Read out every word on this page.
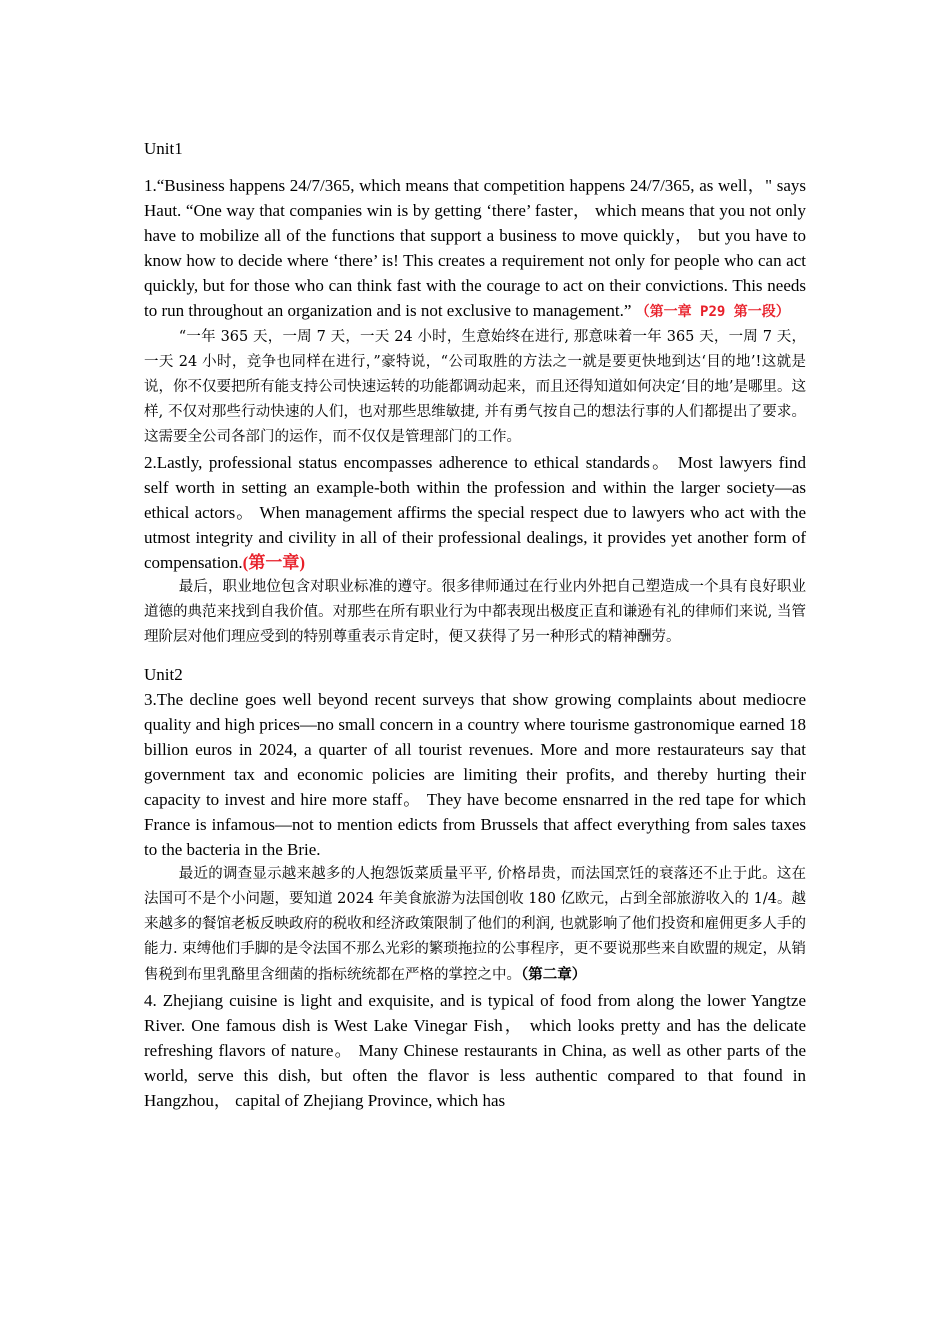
Unit1

1.“Business happens 24/7/365, which means that competition happens 24/7/365, as well，" says Haut. “One way that companies win is by getting ‘there’ faster， which means that you not only have to mobilize all of the functions that support a business to move quickly， but you have to know how to decide where ‘there’ is! This creates a requirement not only for people who can act quickly, but for those who can think fast with the courage to act on their convictions. This needs to run throughout an organization and is not exclusive to management.” （第一章 P29 第一段）

“一年 365 天，一周 7 天，一天 24 小时，生意始终在进行, 那意味着一年 365 天，一周 7 天，一天 24 小时，竞争也同样在进行，”豪特说，“公司取胜的方法之一就是要更快地到达‘目的地’!这就是说，你不仅要把所有能支持公司快速运转的功能都调动起来，而且还得知道如何决定‘目的地’是哪里。这样, 不仅对那些行动快速的人们，也对那些思维敏捷, 并有勇气按自己的想法行事的人们都提出了要求。这需要全公司各部门的运作，而不仅仅是管理部门的工作。

2.Lastly, professional status encompasses adherence to ethical standards。 Most lawyers find self worth in setting an example-both within the profession and within the larger society—as ethical actors。 When management affirms the special respect due to lawyers who act with the utmost integrity and civility in all of their professional dealings, it provides yet another form of compensation.(第一章)

最后，职业地位包含对职业标准的遵守。很多律师通过在行业内外把自己塑造成一个具有良好职业道德的典范来找到自我价值。对那些在所有职业行为中都表现出极度正直和谦逊有礼的律师们来说, 当管理阶层对他们理应受到的特别尊重表示肯定时，便又获得了另一种形式的精神酬劳。

Unit2

3.The decline goes well beyond recent surveys that show growing complaints about mediocre quality and high prices—no small concern in a country where tourisme gastronomique earned 18 billion euros in 2024, a quarter of all tourist revenues. More and more restaurateurs say that government tax and economic policies are limiting their profits, and thereby hurting their capacity to invest and hire more staff。 They have become ensnarred in the red tape for which France is infamous—not to mention edicts from Brussels that affect everything from sales taxes to the bacteria in the Brie.

最近的调查显示越来越多的人抱怨饭菜质量平平, 价格昂贵，而法国烹饪的衰落还不止于此。这在法国可不是个小问题，要知道 2024 年美食旅游为法国创收 180 亿欧元，占到全部旅游收入的 1/4。越来越多的餐馆老板反映政府的税收和经济政策限制了他们的利润, 也就影响了他们投资和雇佣更多人手的能力. 束缚他们手脚的是令法国不那么光彩的繁琐拖拉的公事程序，更不要说那些来自欧盟的规定，从销售税到布里乳酪里含细菌的指标统统都在严格的掌控之中。（第二章）

4. Zhejiang cuisine is light and exquisite, and is typical of food from along the lower Yangtze River. One famous dish is West Lake Vinegar Fish， which looks pretty and has the delicate refreshing flavors of nature。 Many Chinese restaurants in China, as well as other parts of the world, serve this dish, but often the flavor is less authentic compared to that found in Hangzhou， capital of Zhejiang Province, which has
